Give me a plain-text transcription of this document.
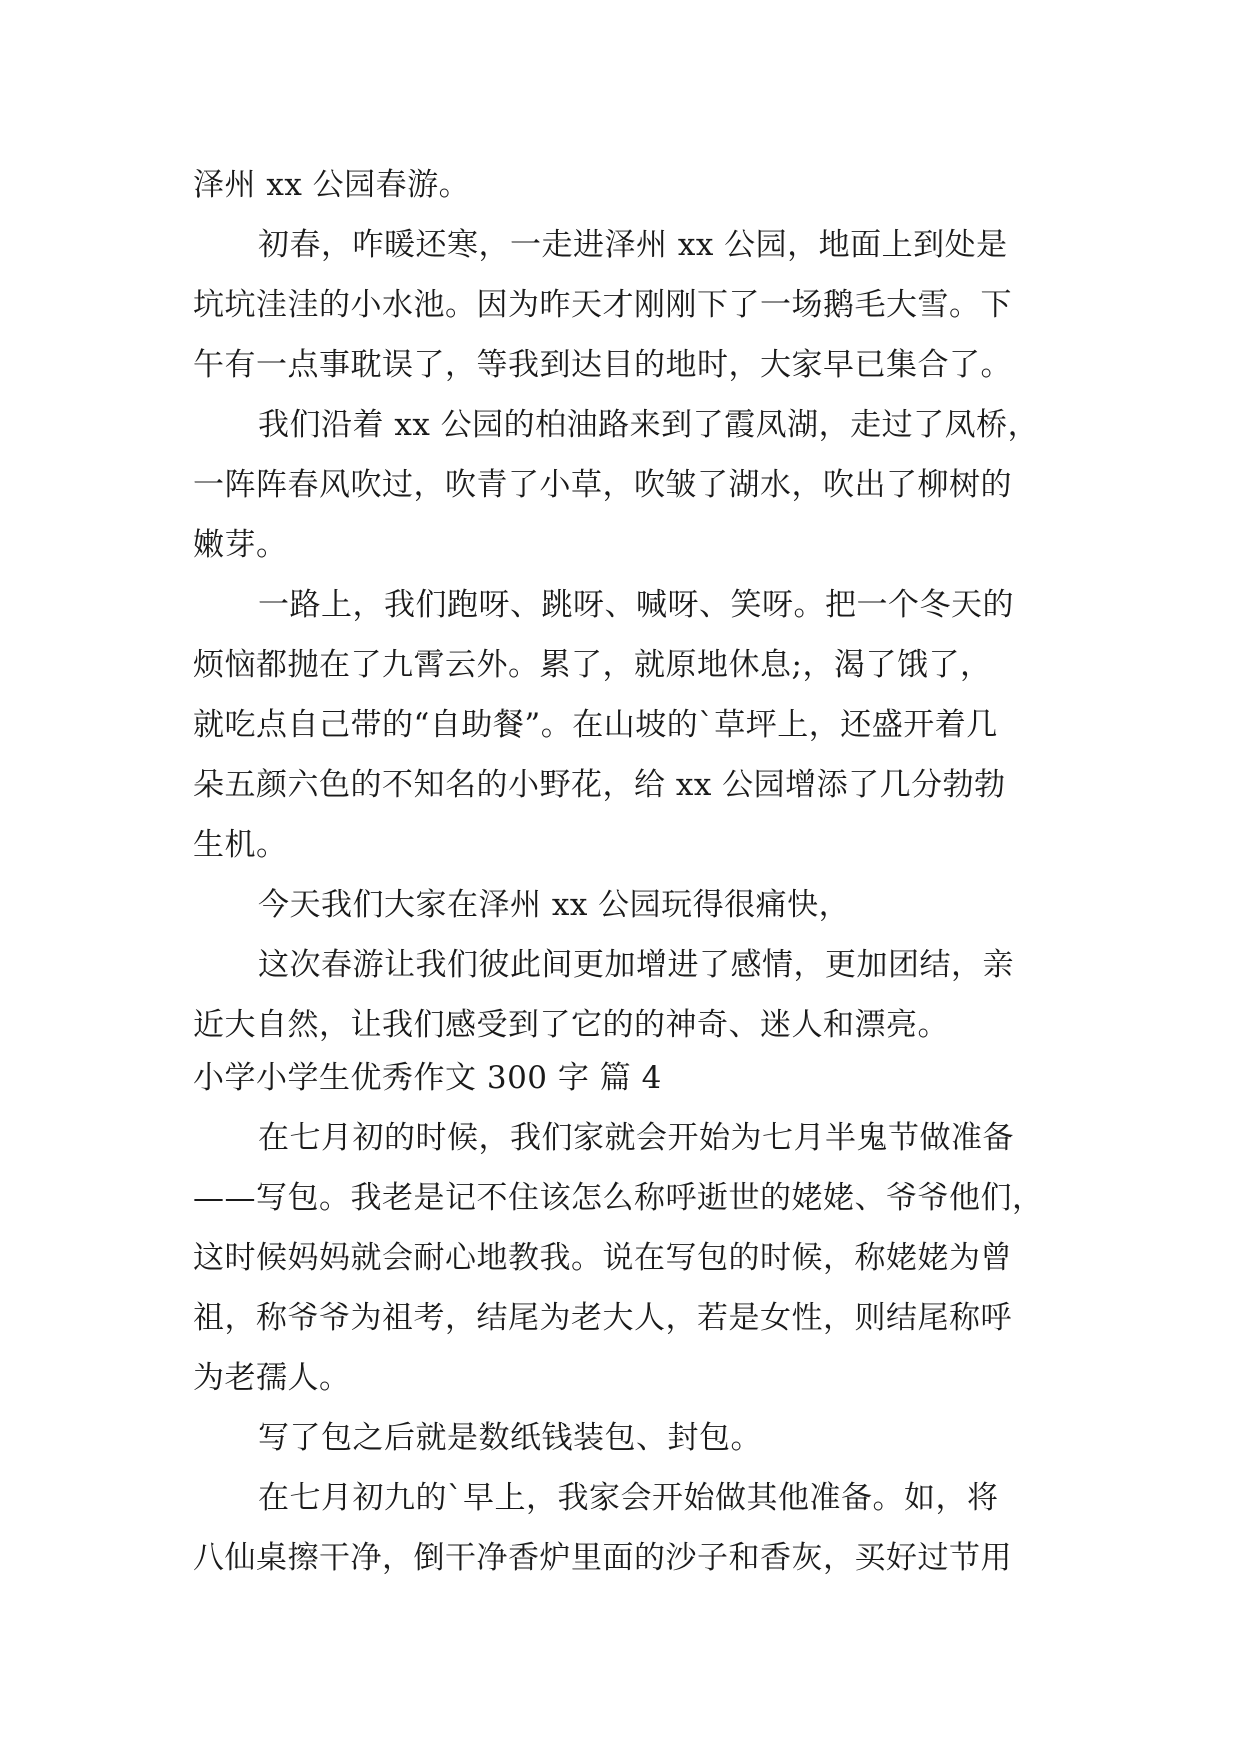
泽州 xx 公园春游。
初春，咋暖还寒，一走进泽州 xx 公园，地面上到处是
坑坑洼洼的小水池。因为昨天才刚刚下了一场鹅毛大雪。下
午有一点事耽误了，等我到达目的地时，大家早已集合了。
我们沿着 xx 公园的柏油路来到了霞凤湖，走过了凤桥，
一阵阵春风吹过，吹青了小草，吹皱了湖水，吹出了柳树的
嫩芽。
一路上，我们跑呀、跳呀、喊呀、笑呀。把一个冬天的
烦恼都抛在了九霄云外。累了，就原地休息;，渴了饿了，
就吃点自己带的“自助餐”。在山坡的`草坪上，还盛开着几
朵五颜六色的不知名的小野花，给 xx 公园增添了几分勃勃
生机。
今天我们大家在泽州 xx 公园玩得很痛快，
这次春游让我们彼此间更加增进了感情，更加团结，亲
近大自然，让我们感受到了它的的神奇、迷人和漂亮。
小学小学生优秀作文 300 字 篇 4
在七月初的时候，我们家就会开始为七月半鬼节做准备
——写包。我老是记不住该怎么称呼逝世的姥姥、爷爷他们，
这时候妈妈就会耐心地教我。说在写包的时候，称姥姥为曾
祖，称爷爷为祖考，结尾为老大人，若是女性，则结尾称呼
为老孺人。
写了包之后就是数纸钱装包、封包。
在七月初九的`早上，我家会开始做其他准备。如，将
八仙桌擦干净，倒干净香炉里面的沙子和香灰，买好过节用
